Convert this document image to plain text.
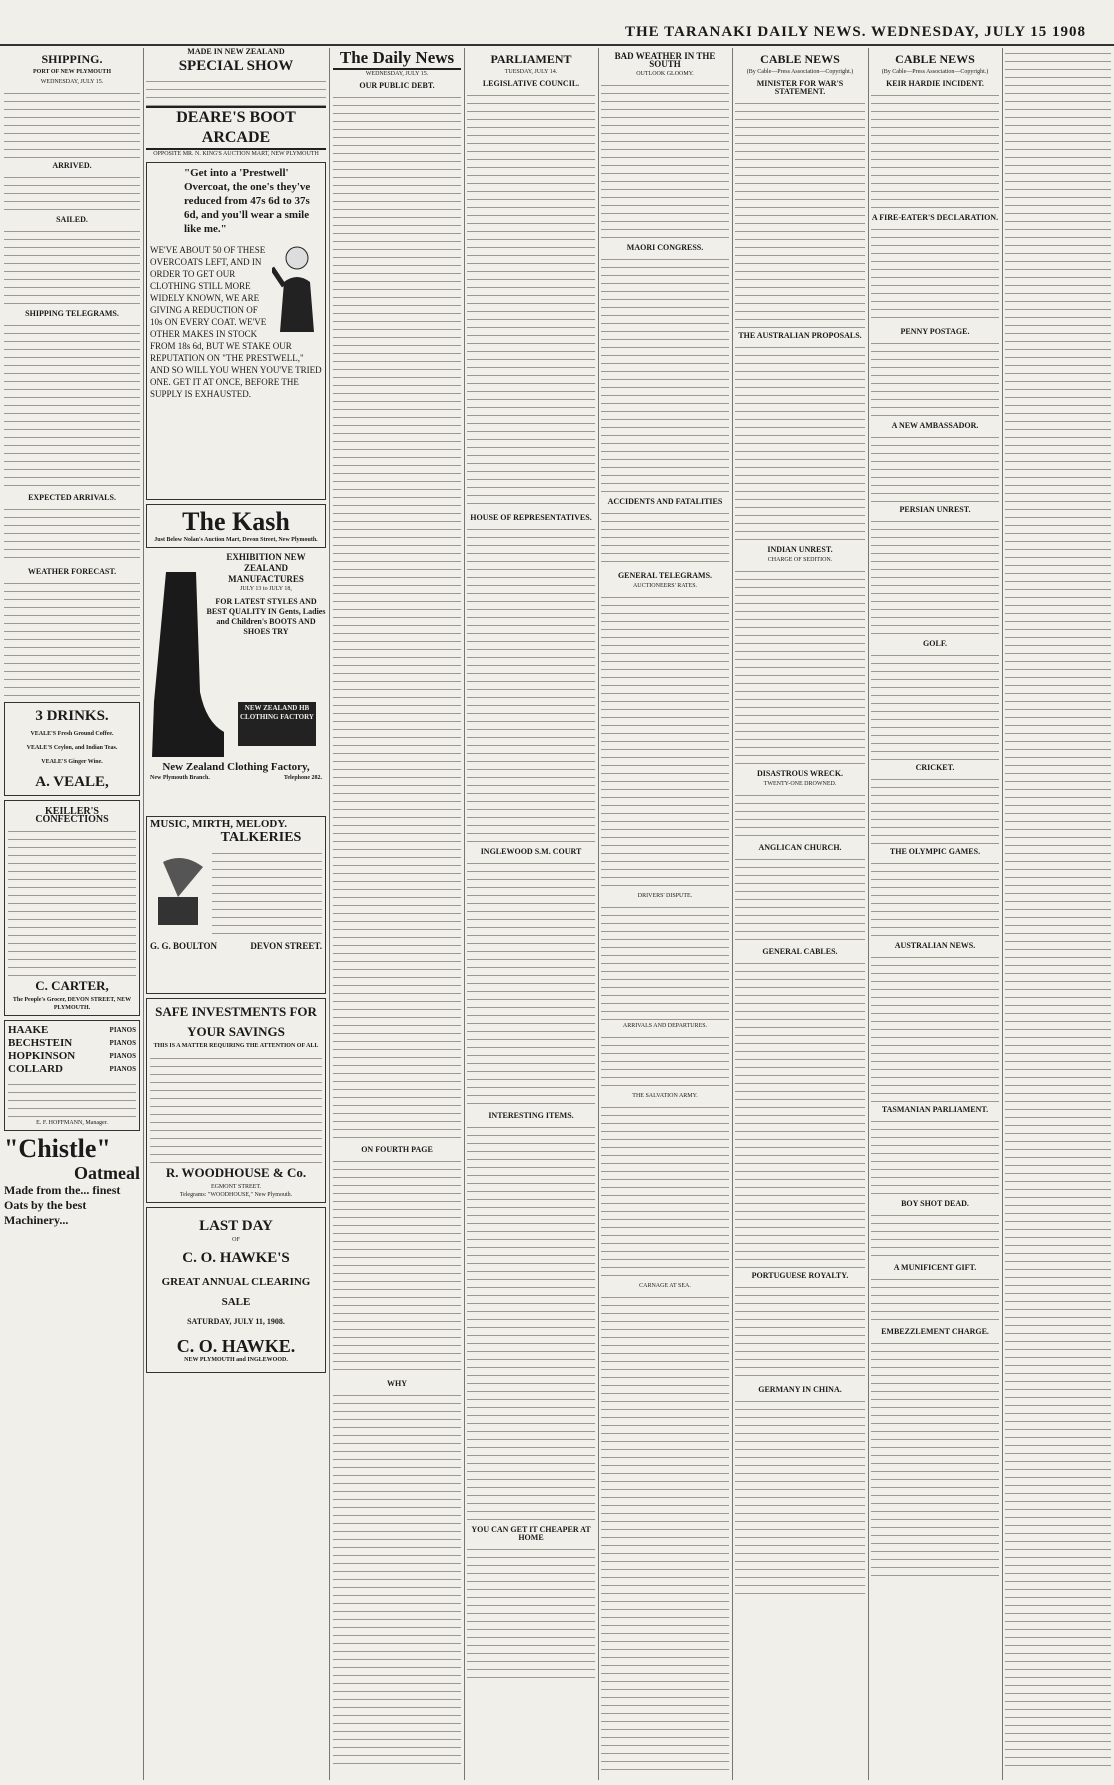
THE TARANAKI DAILY NEWS. WEDNESDAY, JULY 15 1908
SHIPPING.
PORT OF NEW PLYMOUTH
WEDNESDAY, JULY 15.
ARRIVED.
SAILED.
SHIPPING TELEGRAMS.
EXPECTED ARRIVALS.
WEATHER FORECAST.
3 DRINKS.
VEALE'S Fresh Ground Coffee.
VEALE'S Ceylon, and Indian Teas.
VEALE'S Ginger Wine.
A. VEALE,
KEILLER'S CONFECTIONS
C. CARTER,
The People's Grocer, DEVON STREET, NEW PLYMOUTH.
HAAKE	PIANOS
BECHSTEIN	PIANOS
HOPKINSON	PIANOS
COLLARD	PIANOS
E. F. HOFFMANN, Manager.
"Chistle"
Oatmeal
Made from the... finest Oats by the best Machinery...
MADE IN NEW ZEALAND
SPECIAL SHOW
DEARE'S BOOT ARCADE
OPPOSITE MR. N. KING'S AUCTION MART, NEW PLYMOUTH
"Get into a 'Prestwell' Overcoat, the one's they've reduced from 47s 6d to 37s 6d, and you'll wear a smile like me."
WE'VE ABOUT 50 OF THESE OVERCOATS LEFT, AND IN ORDER TO GET OUR CLOTHING STILL MORE WIDELY KNOWN, WE ARE GIVING A REDUCTION OF 10s ON EVERY COAT. WE'VE OTHER MAKES IN STOCK FROM 18s 6d, BUT WE STAKE OUR REPUTATION ON "THE PRESTWELL," AND SO WILL YOU WHEN YOU'VE TRIED ONE. GET IT AT ONCE, BEFORE THE SUPPLY IS EXHAUSTED.
The Kash
Just Below Nolan's Auction Mart, Devon Street, New Plymouth.
EXHIBITION NEW ZEALAND MANUFACTURES
JULY 13 to JULY 18,
FOR LATEST STYLES AND BEST QUALITY IN Gents, Ladies and Children's BOOTS AND SHOES TRY
NEW ZEALAND HB CLOTHING FACTORY
New Zealand Clothing Factory,
New Plymouth Branch.	Telephone 282.
MUSIC, MIRTH, MELODY.
TALKERIES
G. G. BOULTON	DEVON STREET.
SAFE INVESTMENTS FOR YOUR SAVINGS
THIS IS A MATTER REQUIRING THE ATTENTION OF ALL
R. WOODHOUSE & Co.
EGMONT STREET.
Telegrams: "WOODHOUSE," New Plymouth.
LAST DAY
OF
C. O. HAWKE'S
GREAT ANNUAL CLEARING SALE
SATURDAY, JULY 11, 1908.
C. O. HAWKE.
NEW PLYMOUTH and INGLEWOOD.
The Daily News
WEDNESDAY, JULY 15.
OUR PUBLIC DEBT.
ON FOURTH PAGE
WHY
PARLIAMENT
TUESDAY, JULY 14.
LEGISLATIVE COUNCIL.
HOUSE OF REPRESENTATIVES.
INGLEWOOD S.M. COURT
INTERESTING ITEMS.
YOU CAN GET IT CHEAPER AT HOME
BAD WEATHER IN THE SOUTH
OUTLOOK GLOOMY.
MAORI CONGRESS.
ACCIDENTS AND FATALITIES
GENERAL TELEGRAMS.
AUCTIONEERS' RATES.
DRIVERS' DISPUTE.
ARRIVALS AND DEPARTURES.
THE SALVATION ARMY.
CARNAGE AT SEA.
CABLE NEWS
(By Cable—Press Association—Copyright.)
MINISTER FOR WAR'S STATEMENT.
THE AUSTRALIAN PROPOSALS.
INDIAN UNREST.
CHARGE OF SEDITION.
DISASTROUS WRECK.
TWENTY-ONE DROWNED.
ANGLICAN CHURCH.
GENERAL CABLES.
PORTUGUESE ROYALTY.
GERMANY IN CHINA.
CABLE NEWS
(By Cable—Press Association—Copyright.)
KEIR HARDIE INCIDENT.
A FIRE-EATER'S DECLARATION.
PENNY POSTAGE.
A NEW AMBASSADOR.
PERSIAN UNREST.
GOLF.
CRICKET.
THE OLYMPIC GAMES.
AUSTRALIAN NEWS.
TASMANIAN PARLIAMENT.
BOY SHOT DEAD.
A MUNIFICENT GIFT.
EMBEZZLEMENT CHARGE.
